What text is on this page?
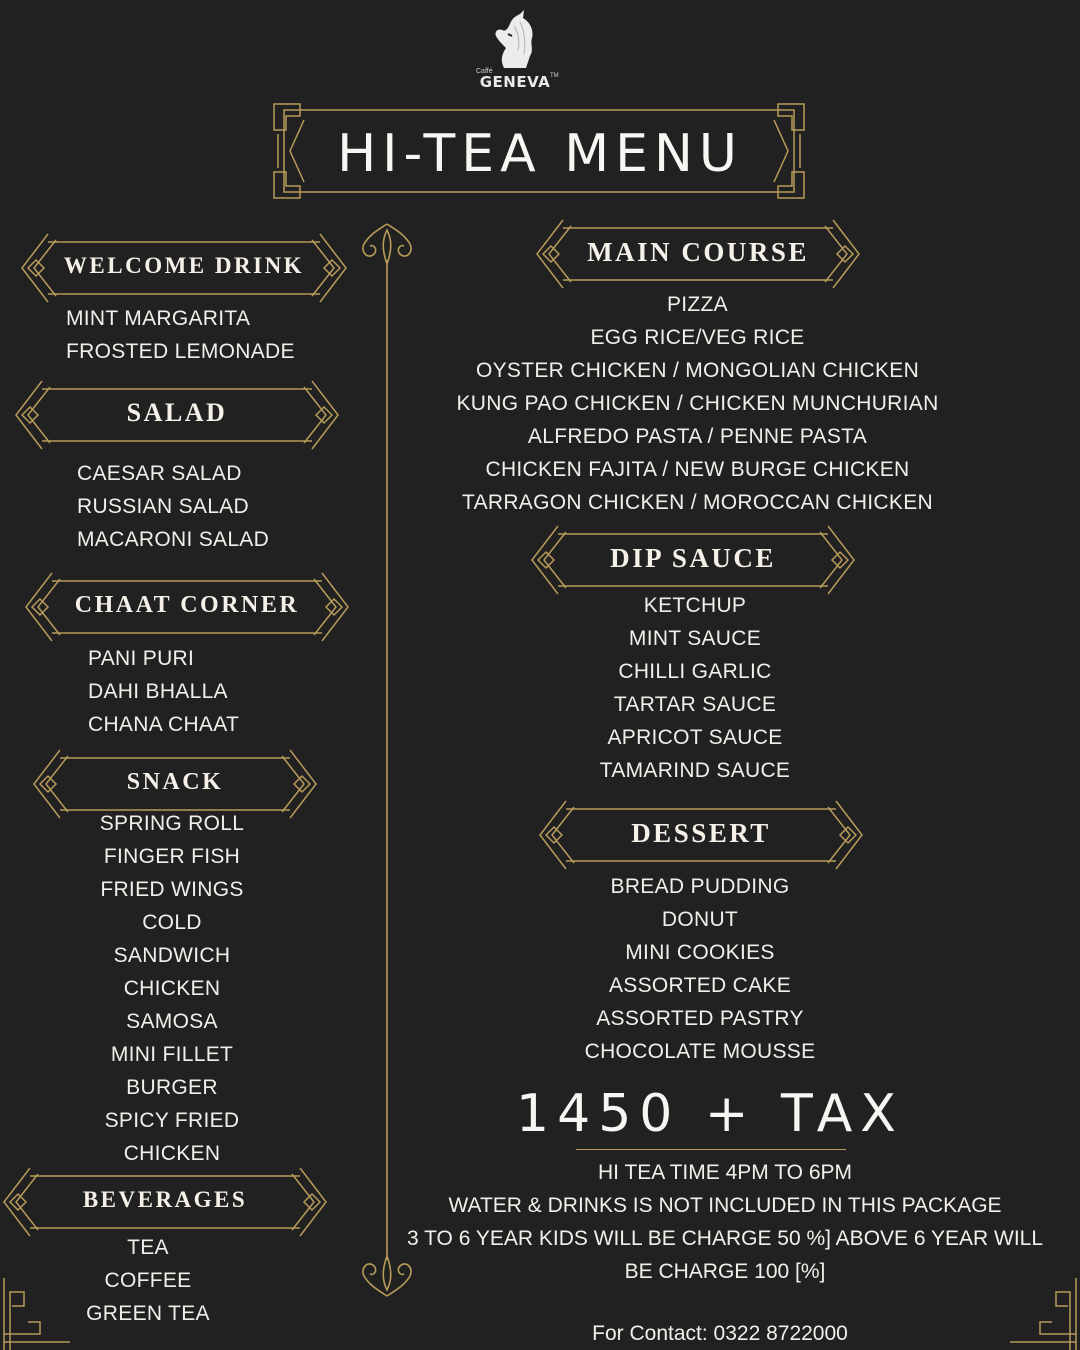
Caffé
GENEVA TM
HI-TEA MENU
WELCOME DRINK
MINT MARGARITA
FROSTED LEMONADE
SALAD
CAESAR SALAD
RUSSIAN SALAD
MACARONI SALAD
CHAAT CORNER
PANI PURI
DAHI BHALLA
CHANA CHAAT
SNACK
SPRING ROLL
FINGER FISH
FRIED WINGS
COLD
SANDWICH
CHICKEN
SAMOSA
MINI FILLET
BURGER
SPICY FRIED
CHICKEN
BEVERAGES
TEA
COFFEE
GREEN TEA
MAIN COURSE
PIZZA
EGG RICE/VEG RICE
OYSTER CHICKEN / MONGOLIAN CHICKEN
KUNG PAO CHICKEN / CHICKEN MUNCHURIAN
ALFREDO PASTA / PENNE PASTA
CHICKEN FAJITA / NEW BURGE CHICKEN
TARRAGON CHICKEN / MOROCCAN CHICKEN
DIP SAUCE
KETCHUP
MINT SAUCE
CHILLI GARLIC
TARTAR SAUCE
APRICOT SAUCE
TAMARIND SAUCE
DESSERT
BREAD PUDDING
DONUT
MINI COOKIES
ASSORTED CAKE
ASSORTED PASTRY
CHOCOLATE MOUSSE
1450 + TAX
HI TEA TIME 4PM TO 6PM
WATER & DRINKS IS NOT INCLUDED IN THIS PACKAGE
3 TO 6 YEAR KIDS WILL BE CHARGE 50 %] ABOVE 6 YEAR WILL
BE CHARGE 100 [%]
For Contact: 0322 8722000
